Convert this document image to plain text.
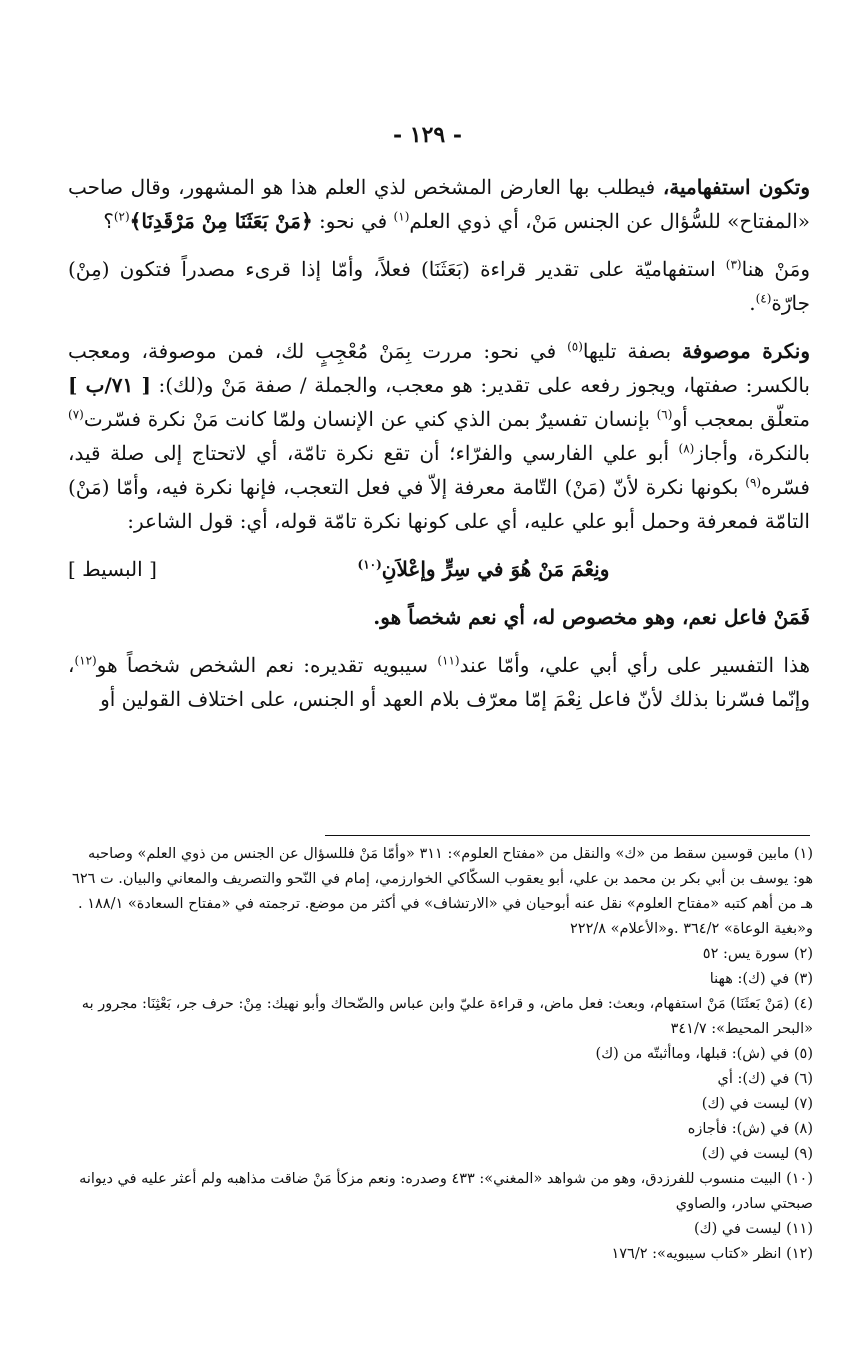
- ١٢٩ -

وتكون استفهامية، فيطلب بها العارض المشخص لذي العلم هذا هو المشهور، وقال صاحب «المفتاح» للسُّؤال عن الجنس مَنْ، أي ذوي العلم$^{(١)}$ في نحو: ﴿مَنْ بَعَثَنَا مِنْ مَرْقَدِنَا﴾$^{(٢)}$؟

ومَنْ هنا$^{(٣)}$ استفهاميّة على تقدير قراءة (بَعَثَنَا) فعلاً، وأمّا إذا قرىء مصدراً فتكون (مِنْ) جارّة$^{(٤)}$.

ونكرة موصوفة بصفة تليها$^{(٥)}$ في نحو: مررت بِمَنْ مُعْجِبٍ لك، فمن موصوفة، ومعجب بالكسر: صفتها، ويجوز رفعه على تقدير: هو معجب، والجملة / صفة مَنْ و(لك): [ ٧١/ب ] متعلّق بمعجب أو$^{(٦)}$ بإنسان تفسيرٌ بمن الذي كني عن الإنسان ولمّا كانت مَنْ نكرة فسّرت$^{(٧)}$ بالنكرة، وأجاز$^{(٨)}$ أبو علي الفارسي والفرّاء؛ أن تقع نكرة تامّة، أي لاتحتاج إلى صلة قيد، فسّره$^{(٩)}$ بكونها نكرة لأنّ (مَنْ) التّامة معرفة إلاّ في فعل التعجب، فإنها نكرة فيه، وأمّا (مَنْ) التامّة فمعرفة وحمل أبو علي عليه، أي على كونها نكرة تامّة قوله، أي: قول الشاعر:

ونِعْمَ مَنْ هُوَ في سِرٍّ وإعْلاَنِ$^{(١٠)}$
[ البسيط ]

فَمَنْ فاعل نعم، وهو مخصوص له، أي نعم شخصاً هو.

هذا التفسير على رأي أبي علي، وأمّا عند$^{(١١)}$ سيبويه تقديره: نعم الشخص شخصاً هو$^{(١٢)}$، وإنّما فسّرنا بذلك لأنّ فاعل نِعْمَ إمّا معرّف بلام العهد أو الجنس، على اختلاف القولين أو

(١) مابين قوسين سقط من «ك» والنقل من «مفتاح العلوم»: ٣١١ «وأمّا مَنْ فللسؤال عن الجنس من ذوي العلم» وصاحبه هو: يوسف بن أبي بكر بن محمد بن علي، أبو يعقوب السكّاكي الخوارزمي، إمام في النّحو والتصريف والمعاني والبيان. ت ٦٢٦ هـ من أهم كتبه «مفتاح العلوم» نقل عنه أبوحيان في «الارتشاف» في أكثر من موضع. ترجمته في «مفتاح السعادة» ١٨٨/١ . و«بغية الوعاة» ٣٦٤/٢ .و«الأعلام» ٢٢٢/٨
(٢) سورة يس: ٥٢
(٣) في (ك): ههنا
(٤) (مَنْ بَعثَنَا) مَنْ استفهام، وبعث: فعل ماض، و قراءة عليّ وابن عباس والضّحاك وأبو نهيك: مِنْ: حرف جر، بَعْثِنَا: مجرور به «البحر المحيط»: ٣٤١/٧
(٥) في (ش): قبلها، وماأثبتّه من (ك)
(٦) في (ك): أي
(٧) ليست في (ك)
(٨) في (ش): فأجازه
(٩) ليست في (ك)
(١٠) البيت منسوب للفرزدق، وهو من شواهد «المغني»: ٤٣٣ وصدره: ونعم مزكأ مَنْ ضاقت مذاهبه ولم أعثر عليه في ديوانه صبحتي سادر، والصاوي
(١١) ليست في (ك)
(١٢) انظر «كتاب سيبويه»: ١٧٦/٢
